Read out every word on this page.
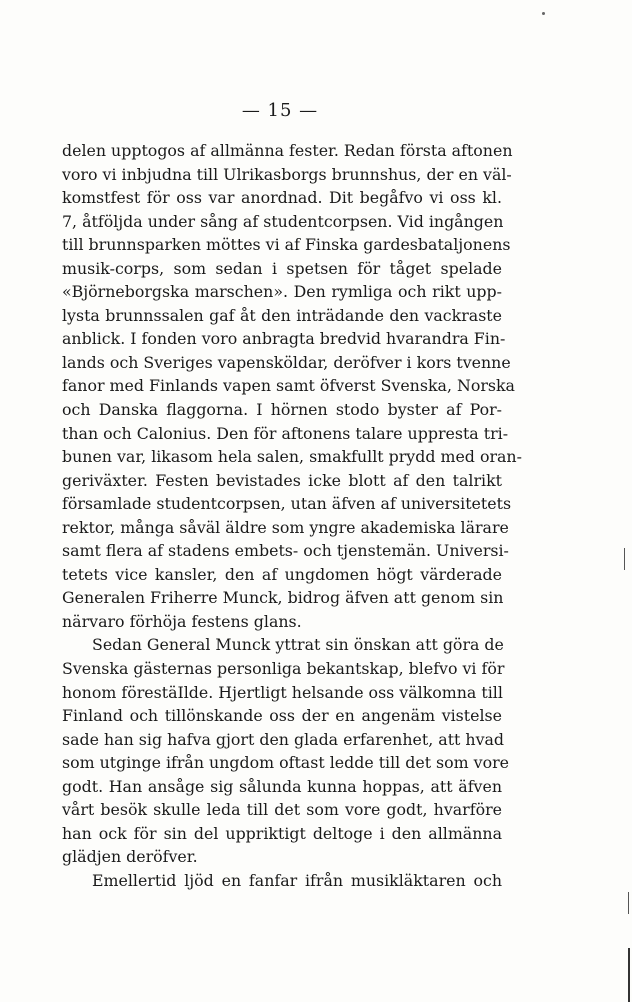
— 15 —
delen upptogos af allmänna fester. Redan första aftonen
voro vi inbjudna till Ulrikasborgs brunnshus, der en väl-
komstfest för oss var anordnad. Dit begåfvo vi oss kl.
7, åtföljda under sång af studentcorpsen. Vid ingången
till brunnsparken möttes vi af Finska gardesbataljonens
musik-corps, som sedan i spetsen för tåget spelade
«Björneborgska marschen». Den rymliga och rikt upp-
lysta brunnssalen gaf åt den inträdande den vackraste
anblick. I fonden voro anbragta bredvid hvarandra Fin-
lands och Sveriges vapensköldar, deröfver i kors tvenne
fanor med Finlands vapen samt öfverst Svenska, Norska
och Danska flaggorna. I hörnen stodo byster af Por-
than och Calonius. Den för aftonens talare uppresta tri-
bunen var, likasom hela salen, smakfullt prydd med oran-
geriväxter. Festen bevistades icke blott af den talrikt
församlade studentcorpsen, utan äfven af universitetets
rektor, många såväl äldre som yngre akademiska lärare
samt flera af stadens embets- och tjenstemän. Universi-
tetets vice kansler, den af ungdomen högt värderade
Generalen Friherre Munck, bidrog äfven att genom sin
närvaro förhöja festens glans.
Sedan General Munck yttrat sin önskan att göra de
Svenska gästernas personliga bekantskap, blefvo vi för
honom förestäIlde. Hjertligt helsande oss välkomna till
Finland och tillönskande oss der en angenäm vistelse
sade han sig hafva gjort den glada erfarenhet, att hvad
som utginge ifrån ungdom oftast ledde till det som vore
godt. Han ansåge sig sålunda kunna hoppas, att äfven
vårt besök skulle leda till det som vore godt, hvarföre
han ock för sin del uppriktigt deltoge i den allmänna
glädjen deröfver.
Emellertid ljöd en fanfar ifrån musikläktaren och
